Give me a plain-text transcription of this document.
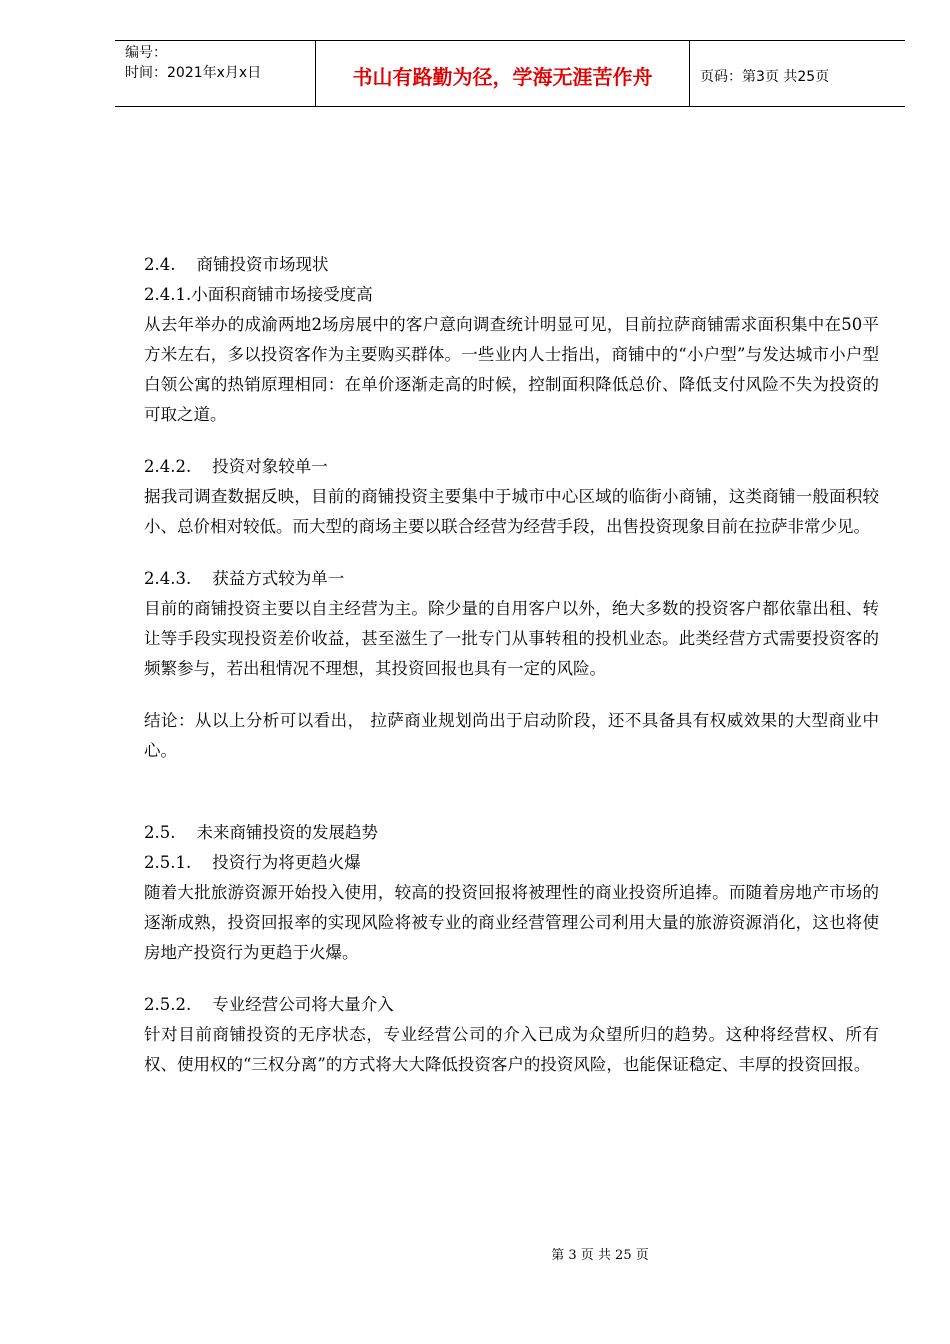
编号：
时间：2021年x月x日	书山有路勤为径，学海无涯苦作舟	页码：第3页 共25页
2.4.    商铺投资市场现状
2.4.1.小面积商铺市场接受度高
从去年举办的成渝两地2场房展中的客户意向调查统计明显可见，目前拉萨商铺需求面积集中在50平方米左右，多以投资客作为主要购买群体。一些业内人士指出，商铺中的“小户型”与发达城市小户型白领公寓的热销原理相同：在单价逐渐走高的时候，控制面积降低总价、降低支付风险不失为投资的可取之道。
2.4.2.    投资对象较单一
据我司调查数据反映，目前的商铺投资主要集中于城市中心区域的临街小商铺，这类商铺一般面积较小、总价相对较低。而大型的商场主要以联合经营为经营手段，出售投资现象目前在拉萨非常少见。
2.4.3.    获益方式较为单一
目前的商铺投资主要以自主经营为主。除少量的自用客户以外，绝大多数的投资客户都依靠出租、转让等手段实现投资差价收益，甚至滋生了一批专门从事转租的投机业态。此类经营方式需要投资客的频繁参与，若出租情况不理想，其投资回报也具有一定的风险。
结论：从以上分析可以看出， 拉萨商业规划尚出于启动阶段，还不具备具有权威效果的大型商业中心。
2.5.    未来商铺投资的发展趋势
2.5.1.    投资行为将更趋火爆
随着大批旅游资源开始投入使用，较高的投资回报将被理性的商业投资所追捧。而随着房地产市场的逐渐成熟，投资回报率的实现风险将被专业的商业经营管理公司利用大量的旅游资源消化，这也将使房地产投资行为更趋于火爆。
2.5.2.    专业经营公司将大量介入
针对目前商铺投资的无序状态，专业经营公司的介入已成为众望所归的趋势。这种将经营权、所有权、使用权的“三权分离”的方式将大大降低投资客户的投资风险，也能保证稳定、丰厚的投资回报。
第 3 页 共 25 页
